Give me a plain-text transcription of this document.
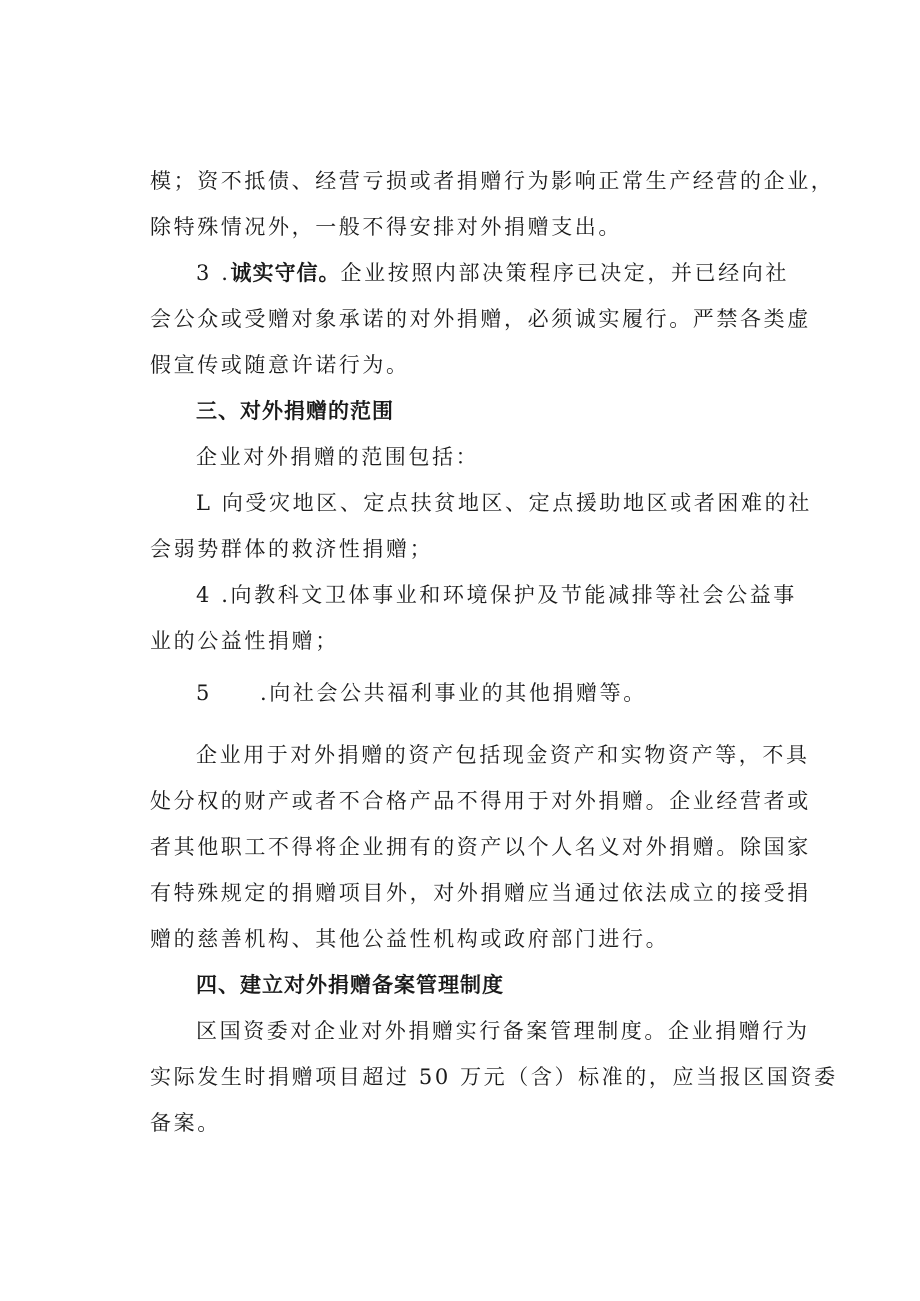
模；资不抵债、经营亏损或者捐赠行为影响正常生产经营的企业，
除特殊情况外，一般不得安排对外捐赠支出。
3 .诚实守信。企业按照内部决策程序已决定，并已经向社
会公众或受赠对象承诺的对外捐赠，必须诚实履行。严禁各类虚
假宣传或随意许诺行为。
三、对外捐赠的范围
企业对外捐赠的范围包括：
L 向受灾地区、定点扶贫地区、定点援助地区或者困难的社
会弱势群体的救济性捐赠；
4 .向教科文卫体事业和环境保护及节能减排等社会公益事
业的公益性捐赠；
5 .向社会公共福利事业的其他捐赠等。
企业用于对外捐赠的资产包括现金资产和实物资产等，不具
处分权的财产或者不合格产品不得用于对外捐赠。企业经营者或
者其他职工不得将企业拥有的资产以个人名义对外捐赠。除国家
有特殊规定的捐赠项目外，对外捐赠应当通过依法成立的接受捐
赠的慈善机构、其他公益性机构或政府部门进行。
四、建立对外捐赠备案管理制度
区国资委对企业对外捐赠实行备案管理制度。企业捐赠行为
实际发生时捐赠项目超过 50 万元（含）标准的，应当报区国资委
备案。
